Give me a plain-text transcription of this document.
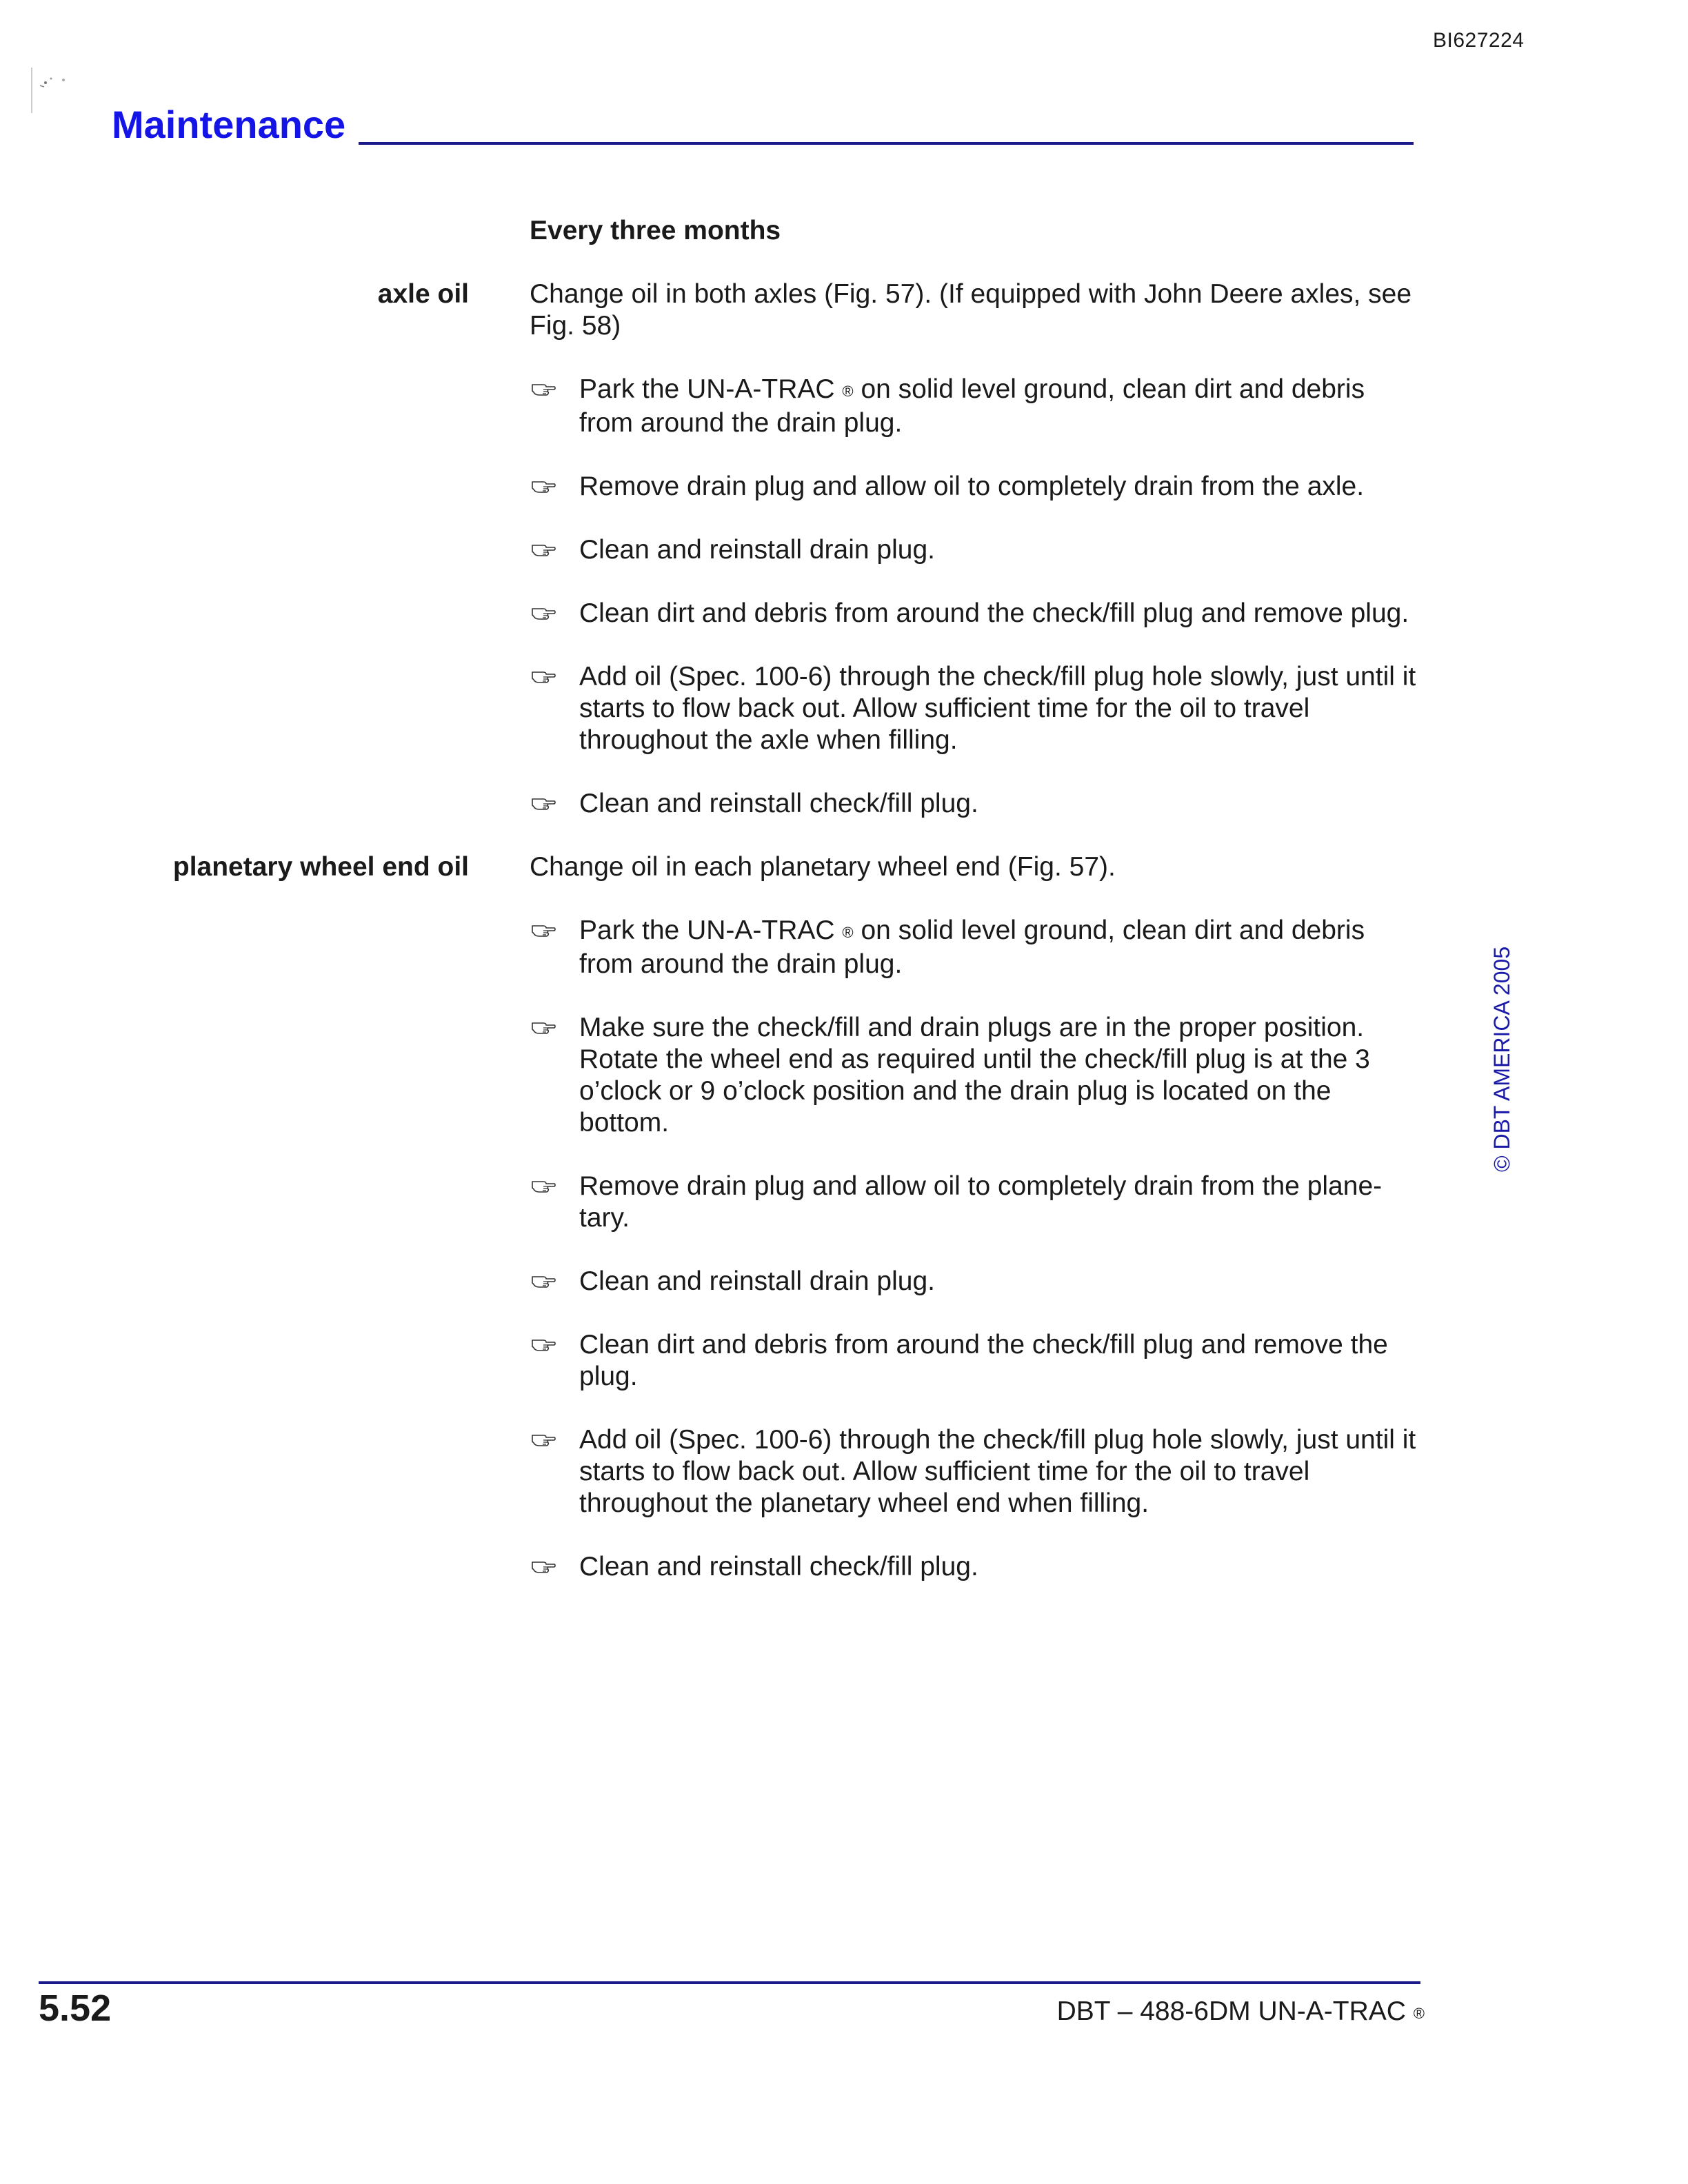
BI627224
Maintenance
© DBT AMERICA 2005
Every three months
axle oil Change oil in both axles (Fig. 57). (If equipped with John Deere axles, see Fig. 58)
Park the UN-A-TRAC ® on solid level ground, clean dirt and debris from around the drain plug.
Remove drain plug and allow oil to completely drain from the axle.
Clean and reinstall drain plug.
Clean dirt and debris from around the check/fill plug and remove plug.
Add oil (Spec. 100-6) through the check/fill plug hole slowly, just until it starts to flow back out. Allow sufficient time for the oil to travel throughout the axle when filling.
Clean and reinstall check/fill plug.
planetary wheel end oil Change oil in each planetary wheel end (Fig. 57).
Park the UN-A-TRAC ® on solid level ground, clean dirt and debris from around the drain plug.
Make sure the check/fill and drain plugs are in the proper position. Rotate the wheel end as required until the check/fill plug is at the 3 o’clock or 9 o’clock position and the drain plug is located on the bottom.
Remove drain plug and allow oil to completely drain from the plane-tary.
Clean and reinstall drain plug.
Clean dirt and debris from around the check/fill plug and remove the plug.
Add oil (Spec. 100-6) through the check/fill plug hole slowly, just until it starts to flow back out. Allow sufficient time for the oil to travel throughout the planetary wheel end when filling.
Clean and reinstall check/fill plug.
5.52	DBT – 488-6DM UN-A-TRAC ®
